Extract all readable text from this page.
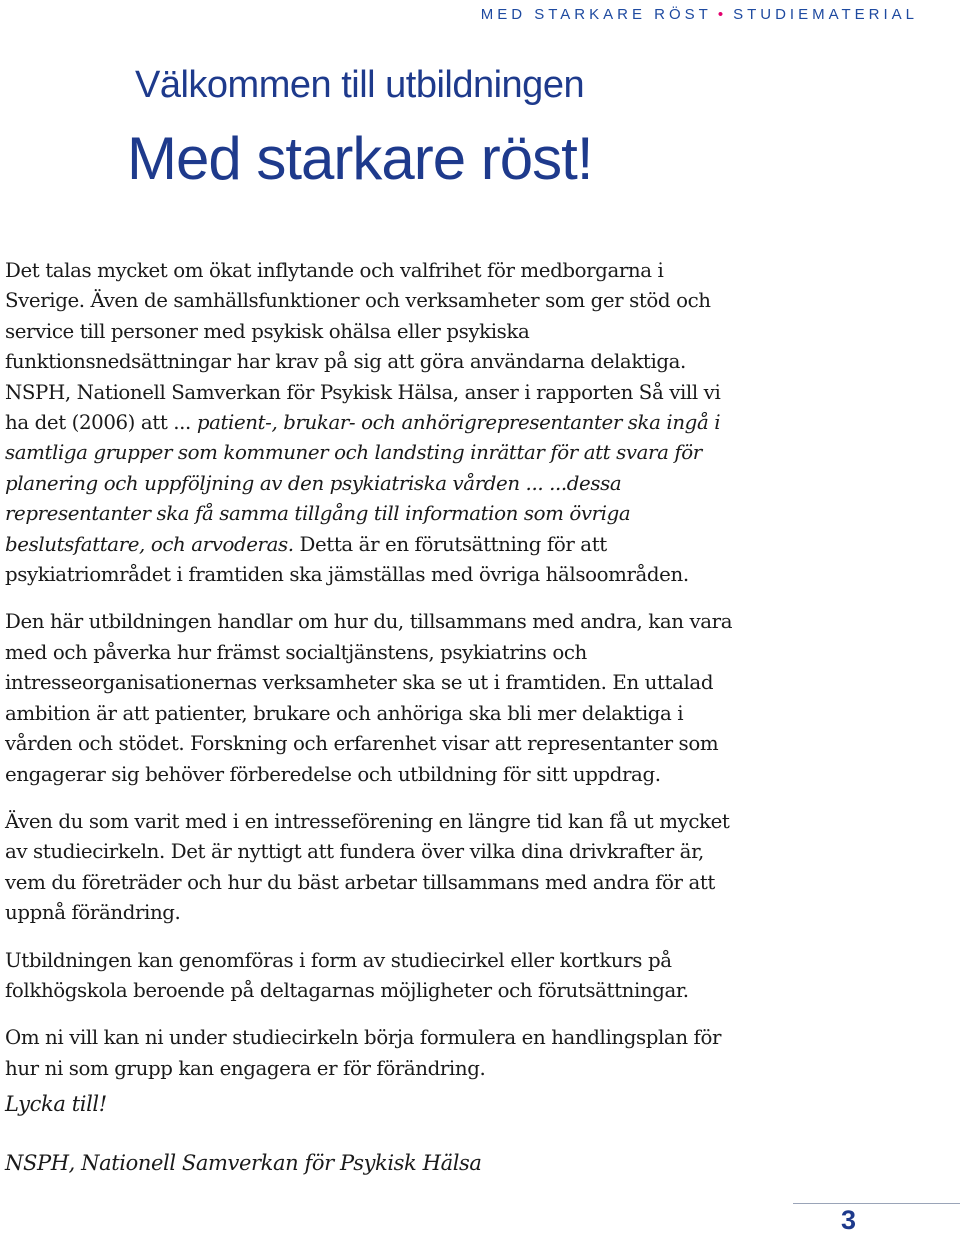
MED STARKARE RÖST • STUDIEMATERIAL
Välkommen till utbildningen
Med starkare röst!

Det talas mycket om ökat inflytande och valfrihet för medborgarna i Sverige. Även de samhällsfunktioner och verksamheter som ger stöd och service till personer med psykisk ohälsa eller psykiska funktionsnedsättningar har krav på sig att göra användarna delaktiga. NSPH, Nationell Samverkan för Psykisk Hälsa, anser i rapporten Så vill vi ha det (2006) att ... patient-, brukar- och anhörigrepresentanter ska ingå i samtliga grupper som kommuner och landsting inrättar för att svara för planering och uppföljning av den psykiatriska vården ... ...dessa representanter ska få samma tillgång till information som övriga beslutsfattare, och arvoderas. Detta är en förutsättning för att psykiatriområdet i framtiden ska jämställas med övriga hälsoområden.

Den här utbildningen handlar om hur du, tillsammans med andra, kan vara med och påverka hur främst socialtjänstens, psykiatrins och intresseorganisationernas verksamheter ska se ut i framtiden. En uttalad ambition är att patienter, brukare och anhöriga ska bli mer delaktiga i vården och stödet. Forskning och erfarenhet visar att representanter som engagerar sig behöver förberedelse och utbildning för sitt uppdrag.

Även du som varit med i en intresseförening en längre tid kan få ut mycket av studiecirkeln. Det är nyttigt att fundera över vilka dina drivkrafter är, vem du företräder och hur du bäst arbetar tillsammans med andra för att uppnå förändring.

Utbildningen kan genomföras i form av studiecirkel eller kortkurs på folkhögskola beroende på deltagarnas möjligheter och förutsättningar.

Om ni vill kan ni under studiecirkeln börja formulera en handlingsplan för hur ni som grupp kan engagera er för förändring.

Lycka till!
NSPH, Nationell Samverkan för Psykisk Hälsa
3
